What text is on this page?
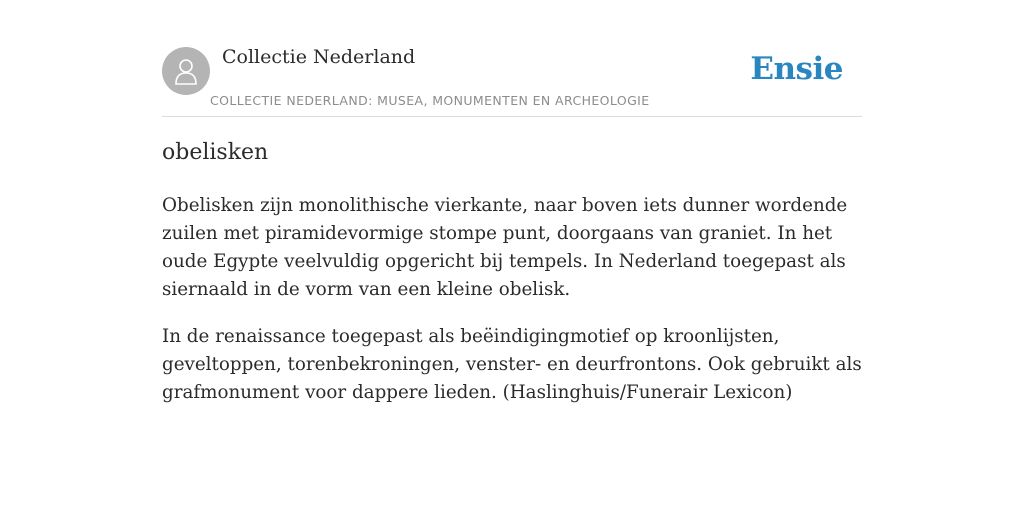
Collectie Nederland
COLLECTIE NEDERLAND: MUSEA, MONUMENTEN EN ARCHEOLOGIE
Ensie
obelisken

Obelisken zijn monolithische vierkante, naar boven iets dunner wordende zuilen met piramidevormige stompe punt, doorgaans van graniet. In het oude Egypte veelvuldig opgericht bij tempels. In Nederland toegepast als siernaald in de vorm van een kleine obelisk.

In de renaissance toegepast als beëindigingmotief op kroonlijsten, geveltoppen, torenbekroningen, venster- en deurfrontons. Ook gebruikt als grafmonument voor dappere lieden. (Haslinghuis/Funerair Lexicon)
